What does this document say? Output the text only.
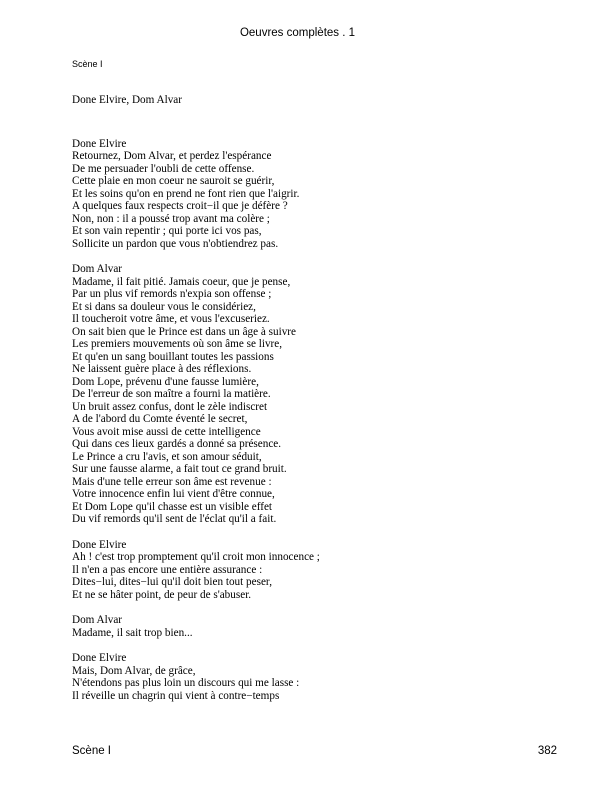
Oeuvres complètes . 1
Scène I
Done Elvire, Dom Alvar
Done Elvire
Retournez, Dom Alvar, et perdez l'espérance
De me persuader l'oubli de cette offense.
Cette plaie en mon coeur ne sauroit se guérir,
Et les soins qu'on en prend ne font rien que l'aigrir.
A quelques faux respects croit−il que je défère ?
Non, non : il a poussé trop avant ma colère ;
Et son vain repentir ; qui porte ici vos pas,
Sollicite un pardon que vous n'obtiendrez pas.
Dom Alvar
Madame, il fait pitié. Jamais coeur, que je pense,
Par un plus vif remords n'expia son offense ;
Et si dans sa douleur vous le considériez,
Il toucheroit votre âme, et vous l'excuseriez.
On sait bien que le Prince est dans un âge à suivre
Les premiers mouvements où son âme se livre,
Et qu'en un sang bouillant toutes les passions
Ne laissent guère place à des réflexions.
Dom Lope, prévenu d'une fausse lumière,
De l'erreur de son maître a fourni la matière.
Un bruit assez confus, dont le zèle indiscret
A de l'abord du Comte éventé le secret,
Vous avoit mise aussi de cette intelligence
Qui dans ces lieux gardés a donné sa présence.
Le Prince a cru l'avis, et son amour séduit,
Sur une fausse alarme, a fait tout ce grand bruit.
Mais d'une telle erreur son âme est revenue :
Votre innocence enfin lui vient d'être connue,
Et Dom Lope qu'il chasse est un visible effet
Du vif remords qu'il sent de l'éclat qu'il a fait.
Done Elvire
Ah ! c'est trop promptement qu'il croit mon innocence ;
Il n'en a pas encore une entière assurance :
Dites−lui, dites−lui qu'il doit bien tout peser,
Et ne se hâter point, de peur de s'abuser.
Dom Alvar
Madame, il sait trop bien...
Done Elvire
Mais, Dom Alvar, de grâce,
N'étendons pas plus loin un discours qui me lasse :
Il réveille un chagrin qui vient à contre−temps
Scène I	382
